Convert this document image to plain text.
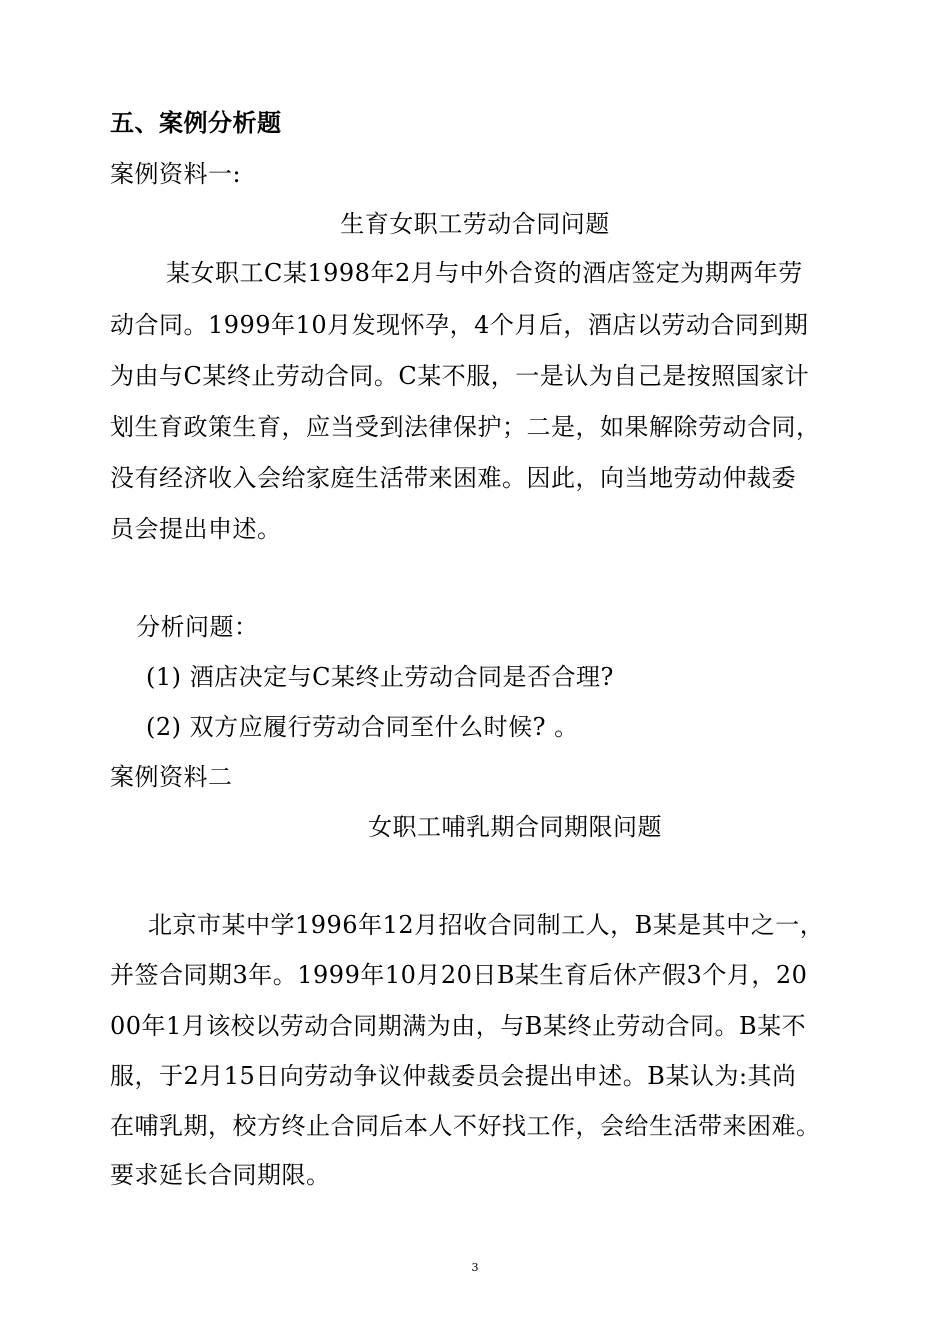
五、案例分析题
案例资料一:
生育女职工劳动合同问题
某女职工C某1998年2月与中外合资的酒店签定为期两年劳
动合同。1999年10月发现怀孕，4个月后，酒店以劳动合同到期
为由与C某终止劳动合同。C某不服，一是认为自己是按照国家计
划生育政策生育，应当受到法律保护；二是，如果解除劳动合同，
没有经济收入会给家庭生活带来困难。因此，向当地劳动仲裁委
员会提出申述。
分析问题：
(1) 酒店决定与C某终止劳动合同是否合理?
(2) 双方应履行劳动合同至什么时候? 。
案例资料二
女职工哺乳期合同期限问题
北京市某中学1996年12月招收合同制工人，B某是其中之一，
并签合同期3年。1999年10月20日B某生育后休产假3个月，20
00年1月该校以劳动合同期满为由，与B某终止劳动合同。B某不
服，于2月15日向劳动争议仲裁委员会提出申述。B某认为:其尚
在哺乳期，校方终止合同后本人不好找工作，会给生活带来困难。
要求延长合同期限。
3
